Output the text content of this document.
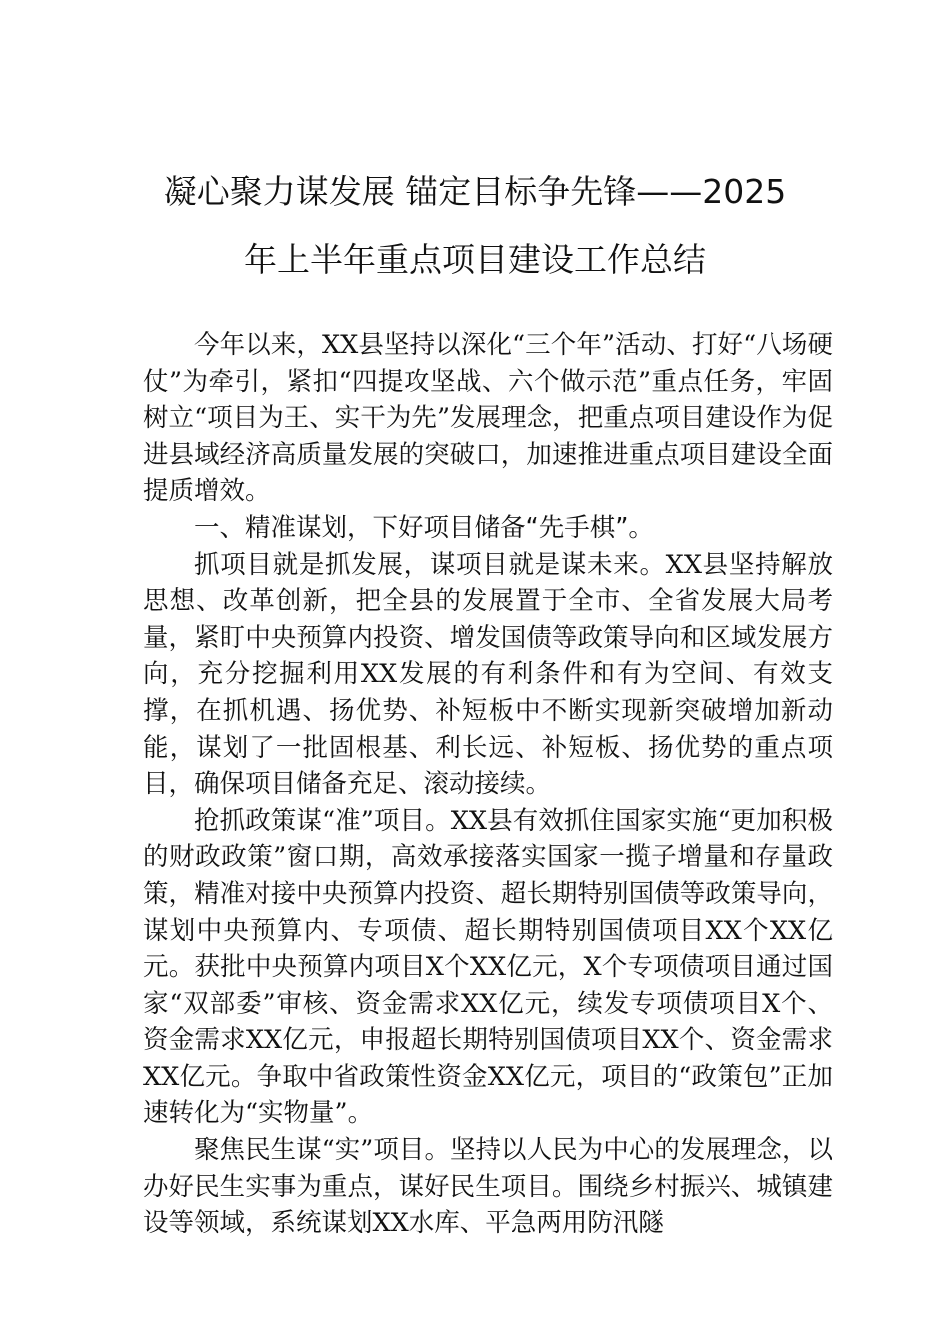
凝心聚力谋发展 锚定目标争先锋——2025
年上半年重点项目建设工作总结

今年以来，XX县坚持以深化“三个年”活动、打好“八场硬仗”为牵引，紧扣“四提攻坚战、六个做示范”重点任务，牢固树立“项目为王、实干为先”发展理念，把重点项目建设作为促进县域经济高质量发展的突破口，加速推进重点项目建设全面提质增效。

一、精准谋划，下好项目储备“先手棋”。

抓项目就是抓发展，谋项目就是谋未来。XX县坚持解放思想、改革创新，把全县的发展置于全市、全省发展大局考量，紧盯中央预算内投资、增发国债等政策导向和区域发展方向，充分挖掘利用XX发展的有利条件和有为空间、有效支撑，在抓机遇、扬优势、补短板中不断实现新突破增加新动能，谋划了一批固根基、利长远、补短板、扬优势的重点项目，确保项目储备充足、滚动接续。

抢抓政策谋“准”项目。XX县有效抓住国家实施“更加积极的财政政策”窗口期，高效承接落实国家一揽子增量和存量政策，精准对接中央预算内投资、超长期特别国债等政策导向，谋划中央预算内、专项债、超长期特别国债项目XX个XX亿元。获批中央预算内项目X个XX亿元，X个专项债项目通过国家“双部委”审核、资金需求XX亿元，续发专项债项目X个、资金需求XX亿元，申报超长期特别国债项目XX个、资金需求XX亿元。争取中省政策性资金XX亿元，项目的“政策包”正加速转化为“实物量”。

聚焦民生谋“实”项目。坚持以人民为中心的发展理念，以办好民生实事为重点，谋好民生项目。围绕乡村振兴、城镇建设等领域，系统谋划XX水库、平急两用防汛隧
